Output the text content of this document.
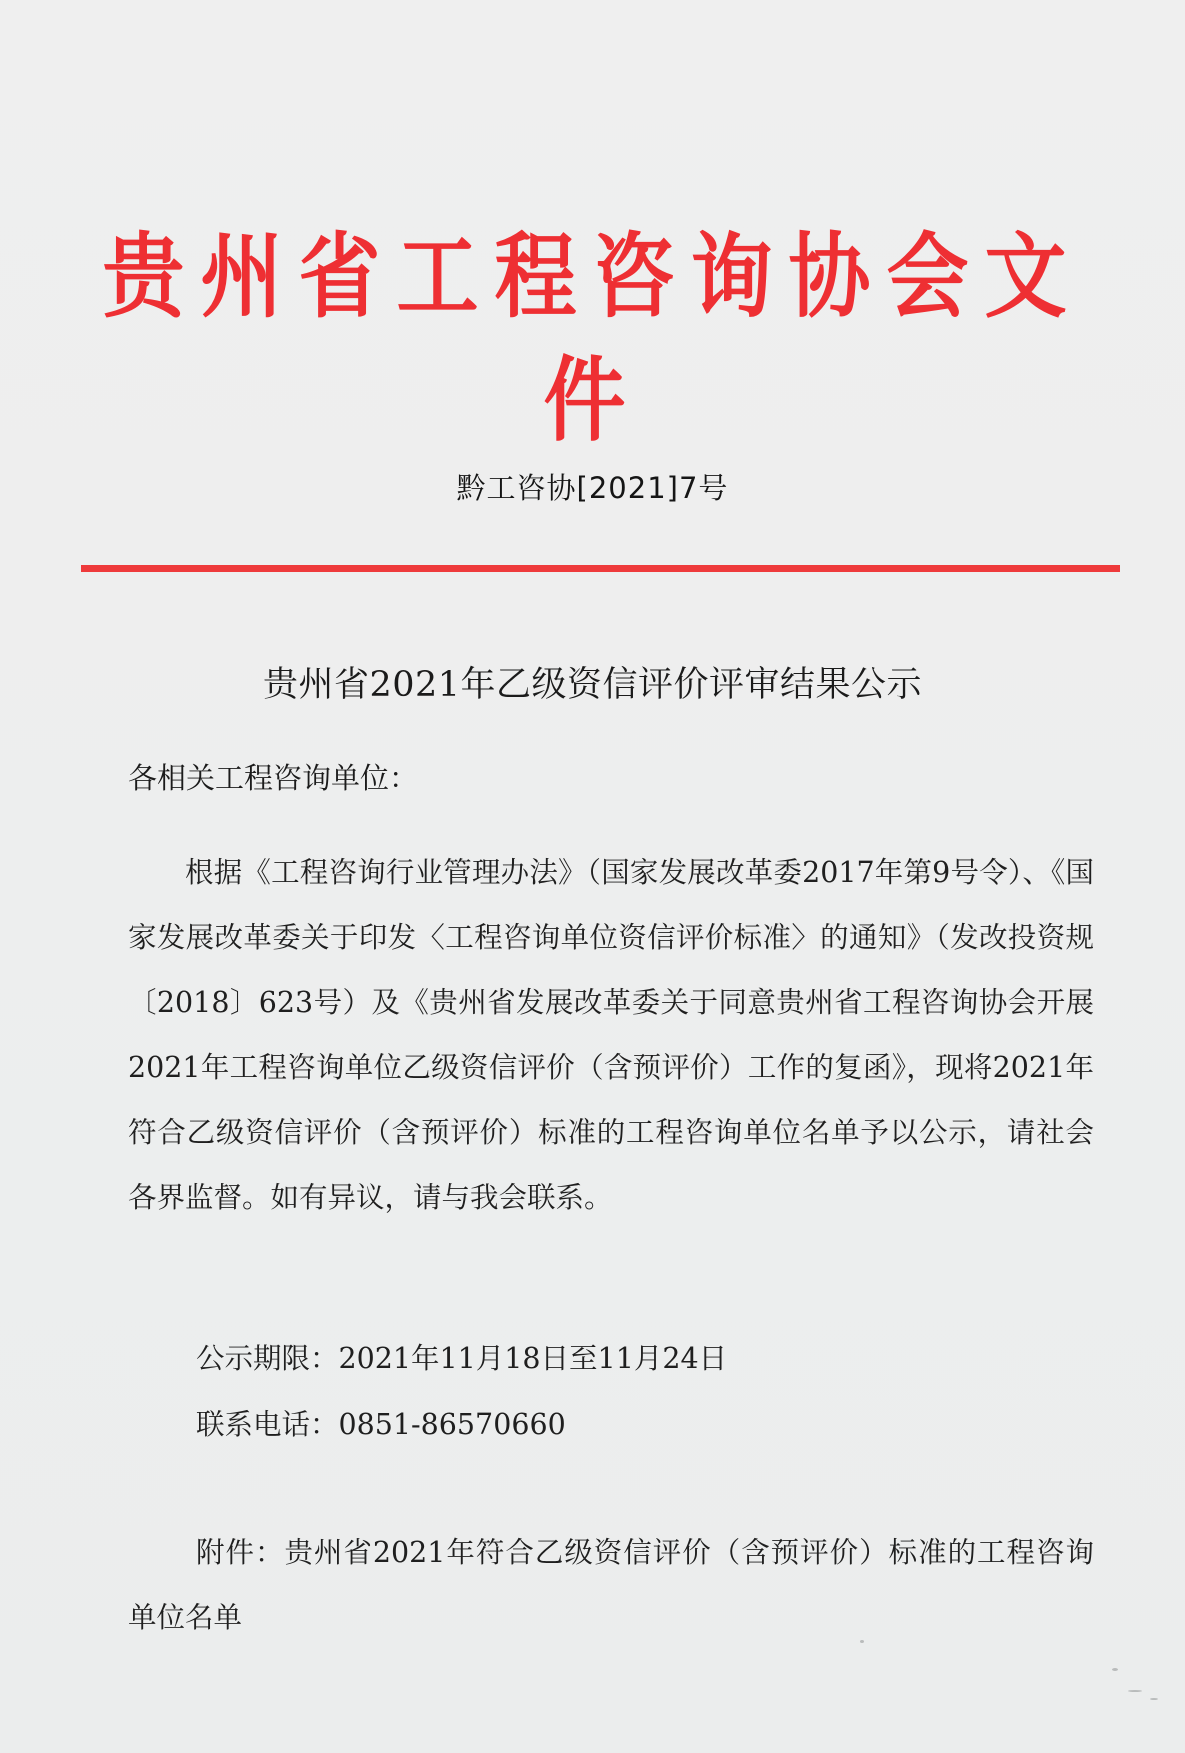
贵州省工程咨询协会文件
黔工咨协[2021]7号
贵州省2021年乙级资信评价评审结果公示
各相关工程咨询单位：
根据《工程咨询行业管理办法》（国家发展改革委2017年第9号令）、《国家发展改革委关于印发〈工程咨询单位资信评价标准〉的通知》（发改投资规〔2018〕623号）及《贵州省发展改革委关于同意贵州省工程咨询协会开展2021年工程咨询单位乙级资信评价（含预评价）工作的复函》，现将2021年符合乙级资信评价（含预评价）标准的工程咨询单位名单予以公示，请社会各界监督。如有异议，请与我会联系。
公示期限：2021年11月18日至11月24日
联系电话：0851-86570660
附件：贵州省2021年符合乙级资信评价（含预评价）标准的工程咨询单位名单
